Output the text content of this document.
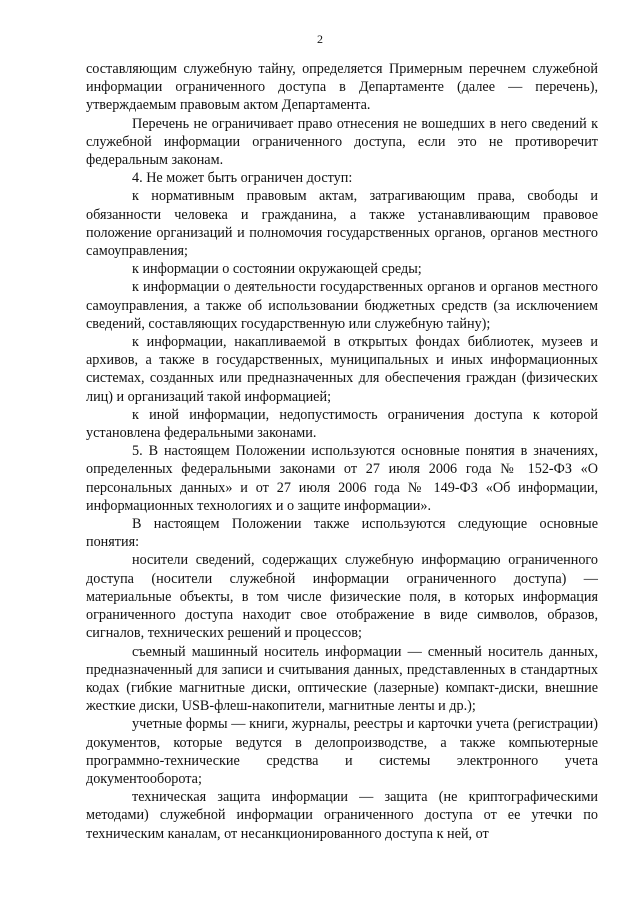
2

составляющим служебную тайну, определяется Примерным перечнем служебной информации ограниченного доступа в Департаменте (далее — перечень), утверждаемым правовым актом Департамента.

Перечень не ограничивает право отнесения не вошедших в него сведений к служебной информации ограниченного доступа, если это не противоречит федеральным законам.

4. Не может быть ограничен доступ:

к нормативным правовым актам, затрагивающим права, свободы и обязанности человека и гражданина, а также устанавливающим правовое положение организаций и полномочия государственных органов, органов местного самоуправления;

к информации о состоянии окружающей среды;

к информации о деятельности государственных органов и органов местного самоуправления, а также об использовании бюджетных средств (за исключением сведений, составляющих государственную или служебную тайну);

к информации, накапливаемой в открытых фондах библиотек, музеев и архивов, а также в государственных, муниципальных и иных информационных системах, созданных или предназначенных для обеспечения граждан (физических лиц) и организаций такой информацией;

к иной информации, недопустимость ограничения доступа к которой установлена федеральными законами.

5. В настоящем Положении используются основные понятия в значениях, определенных федеральными законами от 27 июля 2006 года № 152-ФЗ «О персональных данных» и от 27 июля 2006 года № 149-ФЗ «Об информации, информационных технологиях и о защите информации».

В настоящем Положении также используются следующие основные понятия:

носители сведений, содержащих служебную информацию ограниченного доступа (носители служебной информации ограниченного доступа) — материальные объекты, в том числе физические поля, в которых информация ограниченного доступа находит свое отображение в виде символов, образов, сигналов, технических решений и процессов;

съемный машинный носитель информации — сменный носитель данных, предназначенный для записи и считывания данных, представленных в стандартных кодах (гибкие магнитные диски, оптические (лазерные) компакт-диски, внешние жесткие диски, USB-флеш-накопители, магнитные ленты и др.);

учетные формы — книги, журналы, реестры и карточки учета (регистрации) документов, которые ведутся в делопроизводстве, а также компьютерные программно-технические средства и системы электронного учета документооборота;

техническая защита информации — защита (не криптографическими методами) служебной информации ограниченного доступа от ее утечки по техническим каналам, от несанкционированного доступа к ней, от
